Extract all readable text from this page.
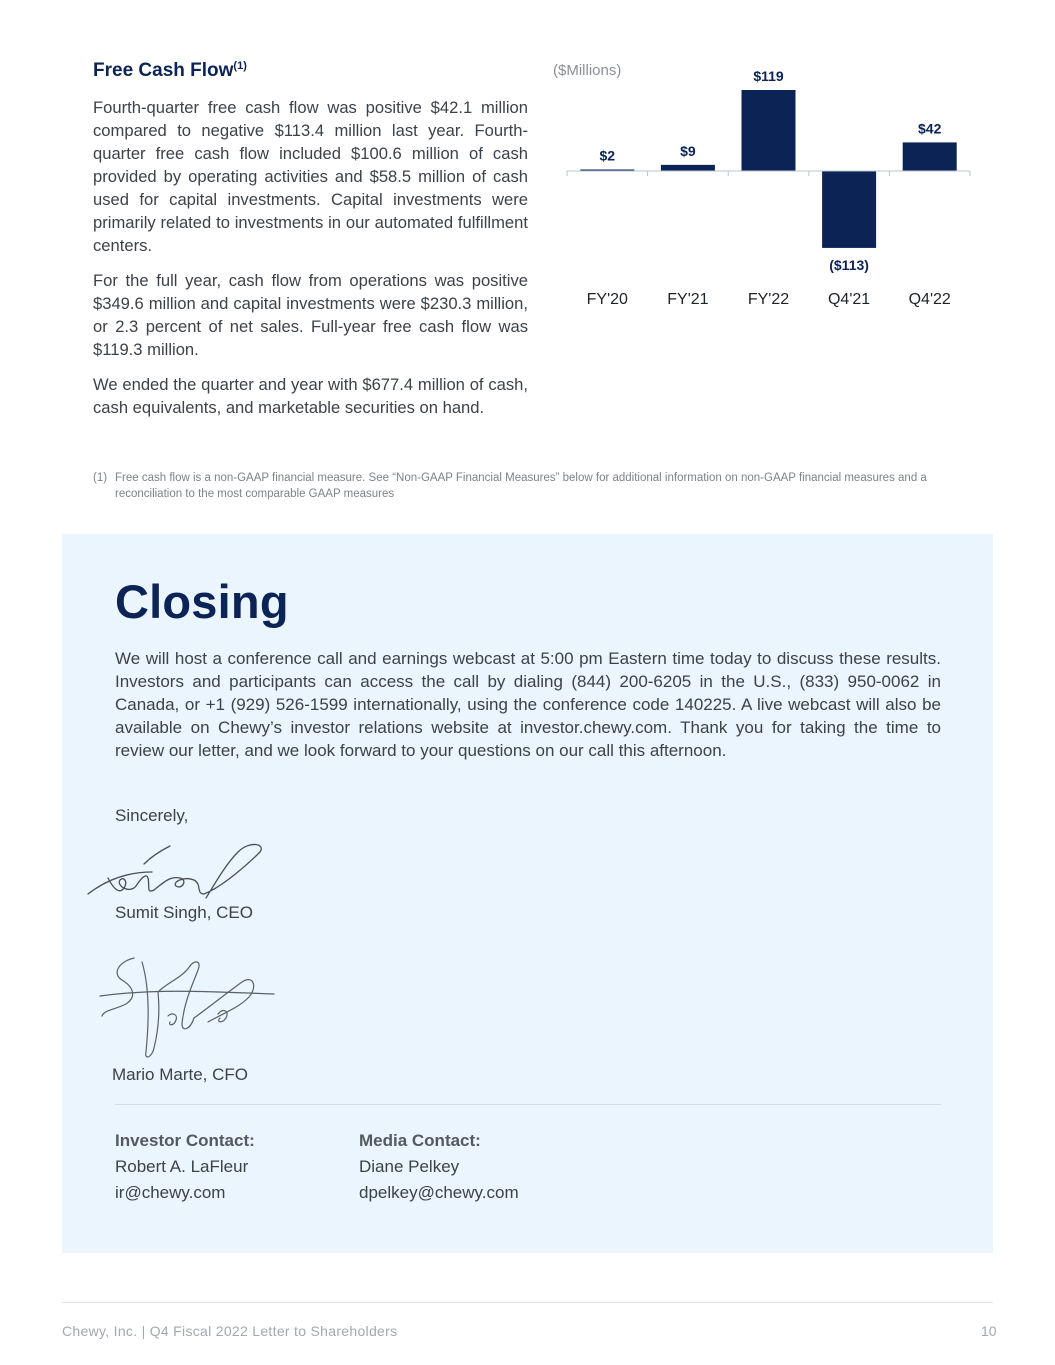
Free Cash Flow$^{(1)}$

Fourth-quarter free cash flow was positive $42.1 million compared to negative $113.4 million last year. Fourth-quarter free cash flow included $100.6 million of cash provided by operating activities and $58.5 million of cash used for capital investments. Capital investments were primarily related to investments in our automated fulfillment centers.

For the full year, cash flow from operations was positive $349.6 million and capital investments were $230.3 million, or 2.3 percent of net sales. Full-year free cash flow was $119.3 million.

We ended the quarter and year with $677.4 million of cash, cash equivalents, and marketable securities on hand.

($Millions)
$2
FY'20
$9
FY'21
$119
FY'22
($113)
Q4'21
$42
Q4'22
(1) Free cash flow is a non-GAAP financial measure. See “Non-GAAP Financial Measures” below for additional information on non-GAAP financial measures and a reconciliation to the most comparable GAAP measures
Closing

We will host a conference call and earnings webcast at 5:00 pm Eastern time today to discuss these results. Investors and participants can access the call by dialing (844) 200-6205 in the U.S., (833) 950-0062 in Canada, or +1 (929) 526-1599 internationally, using the conference code 140225. A live webcast will also be available on Chewy’s investor relations website at investor.chewy.com. Thank you for taking the time to review our letter, and we look forward to your questions on our call this afternoon.

Sincerely,

Sumit Singh, CEO
Mario Marte, CFO
Investor Contact:
Robert A. LaFleur
ir@chewy.com
Media Contact:
Diane Pelkey
dpelkey@chewy.com
Chewy, Inc. | Q4 Fiscal 2022 Letter to Shareholders	10
